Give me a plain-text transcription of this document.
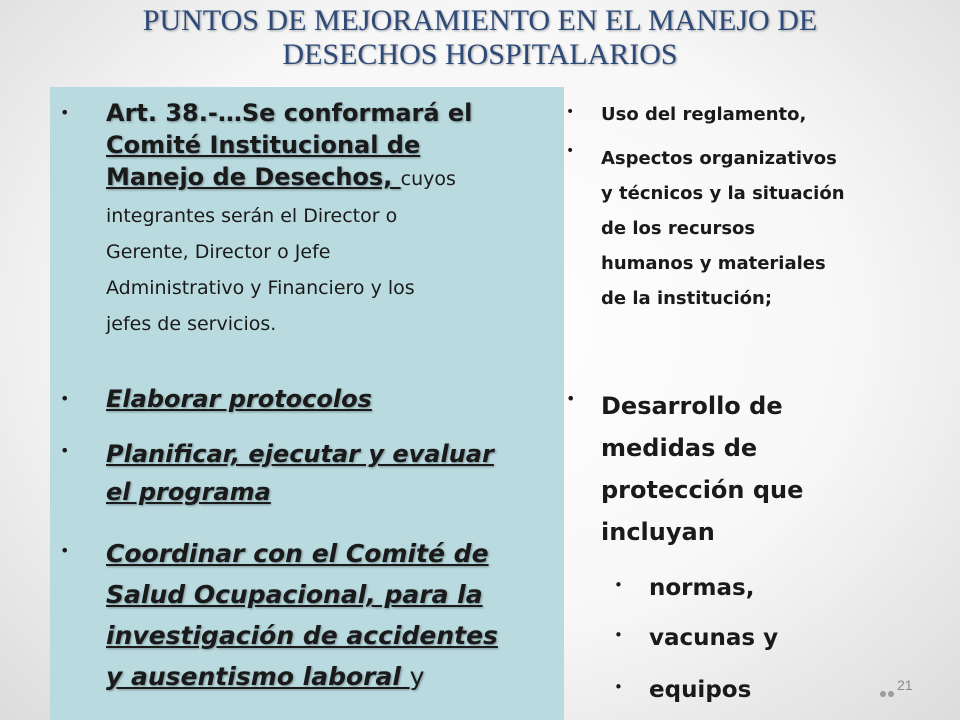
PUNTOS DE MEJORAMIENTO EN EL MANEJO DE
DESECHOS HOSPITALARIOS
• Art. 38.-…Se conformará el
Comité Institucional de
Manejo de Desechos, cuyos
integrantes serán el Director o
Gerente, Director o Jefe
Administrativo y Financiero y los
jefes de servicios.
• Elaborar protocolos
• Planificar, ejecutar y evaluar
el programa
• Coordinar con el Comité de
Salud Ocupacional, para la
investigación de accidentes
y ausentismo laboral y
• Uso del reglamento,
• Aspectos organizativos
y técnicos y la situación
de los recursos
humanos y materiales
de la institución;
• Desarrollo de
medidas de
protección que
incluyan
• normas,
• vacunas y
• equipos	21
